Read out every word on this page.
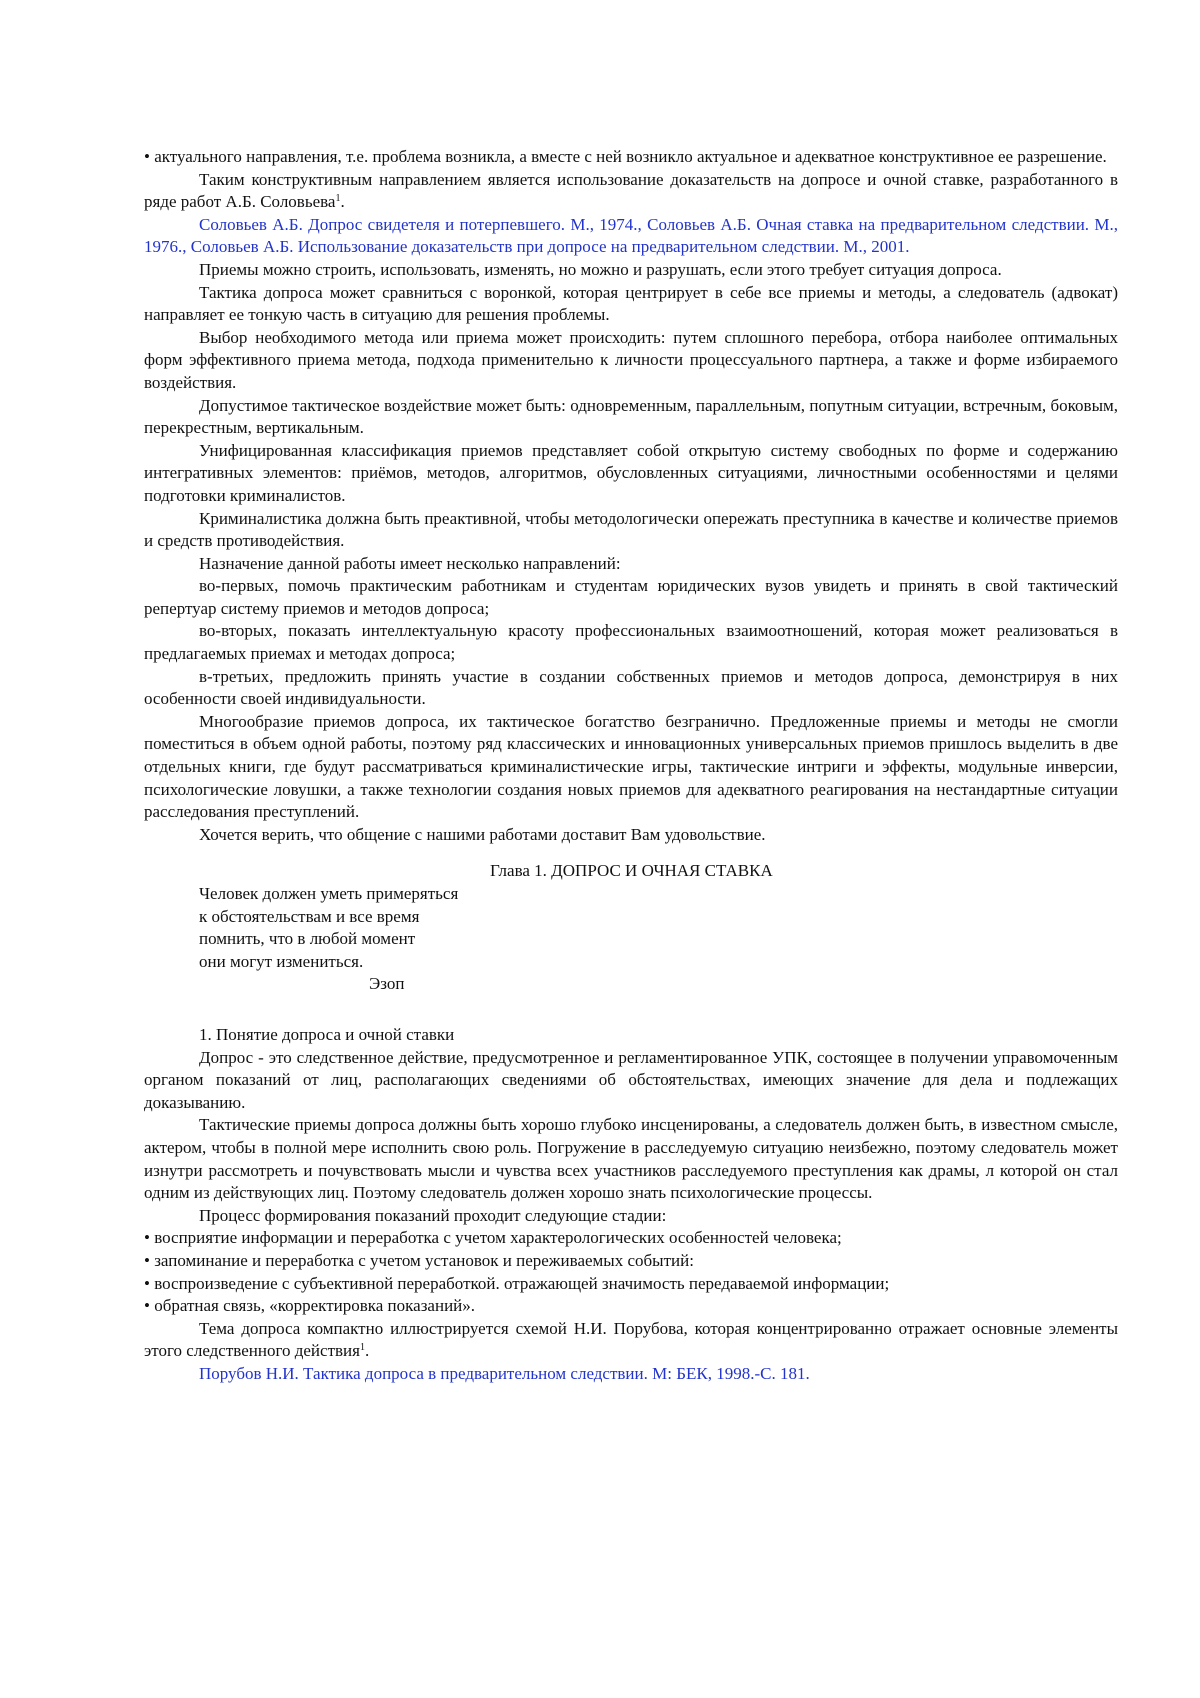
• актуального направления, т.е. проблема возникла, а вместе с ней возникло актуальное и адекватное конструктивное ее разрешение.

Таким конструктивным направлением является использование доказательств на допросе и очной ставке, разработанного в ряде работ А.Б. Соловьева$^1$.

Соловьев А.Б. Допрос свидетеля и потерпевшего. М., 1974., Соловьев А.Б. Очная ставка на предварительном следствии. М., 1976., Соловьев А.Б. Использование доказательств при допросе на предварительном следствии. М., 2001.

Приемы можно строить, использовать, изменять, но можно и разрушать, если этого требует ситуация допроса.

Тактика допроса может сравниться с воронкой, которая центрирует в себе все приемы и методы, а следователь (адвокат) направляет ее тонкую часть в ситуацию для решения проблемы.

Выбор необходимого метода или приема может происходить: путем сплошного перебора, отбора наиболее оптимальных форм эффективного приема метода, подхода применительно к личности процессуального партнера, а также и форме избираемого воздействия.

Допустимое тактическое воздействие может быть: одновременным, параллельным, попутным ситуации, встречным, боковым, перекрестным, вертикальным.

Унифицированная классификация приемов представляет собой открытую систему свободных по форме и содержанию интегративных элементов: приёмов, методов, алгоритмов, обусловленных ситуациями, личностными особенностями и целями подготовки криминалистов.

Криминалистика должна быть преактивной, чтобы методологически опережать преступника в качестве и количестве приемов и средств противодействия.

Назначение данной работы имеет несколько направлений:

во-первых, помочь практическим работникам и студентам юридических вузов увидеть и принять в свой тактический репертуар систему приемов и методов допроса;

во-вторых, показать интеллектуальную красоту профессиональных взаимоотношений, которая может реализоваться в предлагаемых приемах и методах допроса;

в-третьих, предложить принять участие в создании собственных приемов и методов допроса, демонстрируя в них особенности своей индивидуальности.

Многообразие приемов допроса, их тактическое богатство безгранично. Предложенные приемы и методы не смогли поместиться в объем одной работы, поэтому ряд классических и инновационных универсальных приемов пришлось выделить в две отдельных книги, где будут рассматриваться криминалистические игры, тактические интриги и эффекты, модульные инверсии, психологические ловушки, а также технологии создания новых приемов для адекватного реагирования на нестандартные ситуации расследования преступлений.

Хочется верить, что общение с нашими работами доставит Вам удовольствие.

Глава 1. ДОПРОС И ОЧНАЯ СТАВКА

Человек должен уметь примеряться
к обстоятельствам и все время
помнить, что в любой момент
они могут измениться.
Эзоп

1. Понятие допроса и очной ставки

Допрос - это следственное действие, предусмотренное и регламентированное УПК, состоящее в получении управомоченным органом показаний от лиц, располагающих сведениями об обстоятельствах, имеющих значение для дела и подлежащих доказыванию.

Тактические приемы допроса должны быть хорошо глубоко инсценированы, а следователь должен быть, в известном смысле, актером, чтобы в полной мере исполнить свою роль. Погружение в расследуемую ситуацию неизбежно, поэтому следователь может изнутри рассмотреть и почувствовать мысли и чувства всех участников расследуемого преступления как драмы, л которой он стал одним из действующих лиц. Поэтому следователь должен хорошо знать психологические процессы.

Процесс формирования показаний проходит следующие стадии:

• восприятие информации и переработка с учетом характерологических особенностей человека;

• запоминание и переработка с учетом установок и переживаемых событий:

• воспроизведение с субъективной переработкой. отражающей значимость передаваемой информации;

• обратная связь, «корректировка показаний».

Тема допроса компактно иллюстрируется схемой Н.И. Порубова, которая концентрированно отражает основные элементы этого следственного действия$^1$.

Порубов Н.И. Тактика допроса в предварительном следствии. М: БЕК, 1998.-С. 181.
